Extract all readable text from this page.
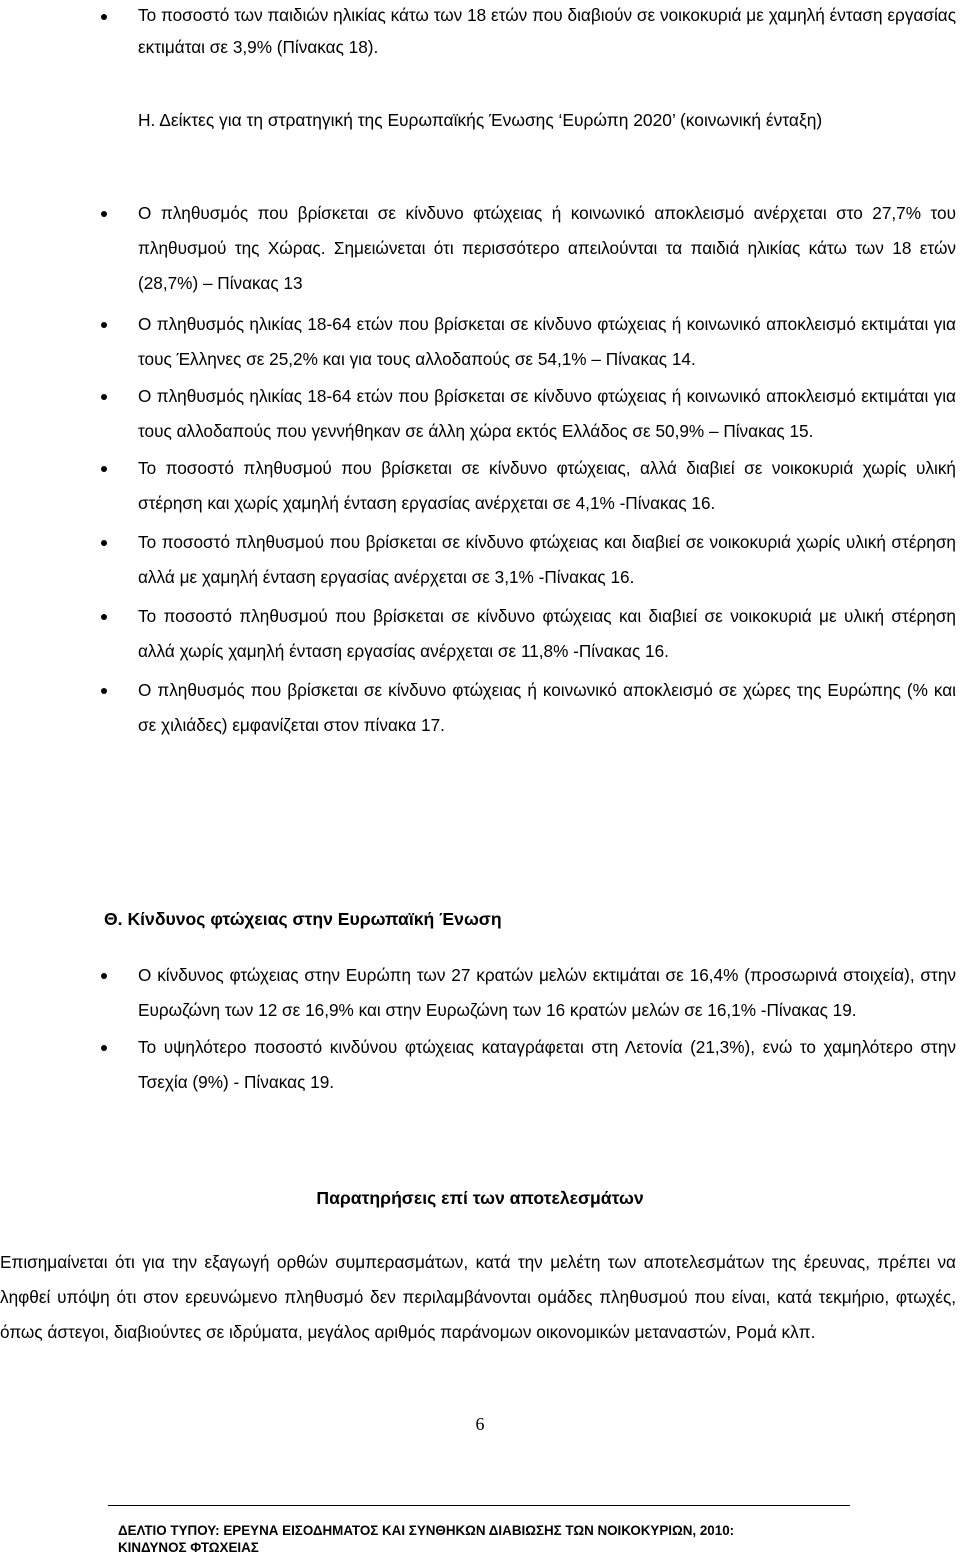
Το ποσοστό των παιδιών ηλικίας κάτω των 18 ετών που διαβιούν σε νοικοκυριά με χαμηλή ένταση εργασίας εκτιμάται σε 3,9% (Πίνακας 18).
Η. Δείκτες για τη στρατηγική της Ευρωπαϊκής Ένωσης ‘Ευρώπη 2020’ (κοινωνική ένταξη)
Ο πληθυσμός που βρίσκεται σε κίνδυνο φτώχειας ή κοινωνικό αποκλεισμό ανέρχεται στο 27,7% του πληθυσμού της Χώρας. Σημειώνεται ότι περισσότερο απειλούνται τα παιδιά ηλικίας κάτω των 18 ετών (28,7%) – Πίνακας 13
Ο πληθυσμός ηλικίας 18-64 ετών που βρίσκεται σε κίνδυνο φτώχειας ή κοινωνικό αποκλεισμό εκτιμάται για τους Έλληνες σε 25,2% και για τους αλλοδαπούς σε 54,1% – Πίνακας 14.
Ο πληθυσμός ηλικίας 18-64 ετών που βρίσκεται σε κίνδυνο φτώχειας ή κοινωνικό αποκλεισμό εκτιμάται για τους αλλοδαπούς που γεννήθηκαν σε άλλη χώρα εκτός Ελλάδος σε 50,9% – Πίνακας 15.
Το ποσοστό πληθυσμού που βρίσκεται σε κίνδυνο φτώχειας, αλλά διαβιεί σε νοικοκυριά χωρίς υλική στέρηση και χωρίς χαμηλή ένταση εργασίας ανέρχεται σε 4,1% -Πίνακας 16.
Το ποσοστό πληθυσμού που βρίσκεται σε κίνδυνο φτώχειας και διαβιεί σε νοικοκυριά χωρίς υλική στέρηση αλλά με χαμηλή ένταση εργασίας ανέρχεται σε 3,1% -Πίνακας 16.
Το ποσοστό πληθυσμού που βρίσκεται σε κίνδυνο φτώχειας και διαβιεί σε νοικοκυριά με υλική στέρηση αλλά χωρίς χαμηλή ένταση εργασίας ανέρχεται σε 11,8% -Πίνακας 16.
Ο πληθυσμός που βρίσκεται σε κίνδυνο φτώχειας ή κοινωνικό αποκλεισμό σε χώρες της Ευρώπης (% και σε χιλιάδες) εμφανίζεται στον πίνακα 17.
Θ. Κίνδυνος φτώχειας στην Ευρωπαϊκή Ένωση
Ο κίνδυνος φτώχειας στην Ευρώπη των 27 κρατών μελών εκτιμάται σε 16,4% (προσωρινά στοιχεία), στην Ευρωζώνη των 12 σε 16,9% και στην Ευρωζώνη των 16 κρατών μελών σε 16,1% -Πίνακας 19.
Το υψηλότερο ποσοστό κινδύνου φτώχειας καταγράφεται στη Λετονία (21,3%), ενώ το χαμηλότερο στην Τσεχία (9%) - Πίνακας 19.
Παρατηρήσεις επί των αποτελεσμάτων

Επισημαίνεται ότι για την εξαγωγή ορθών συμπερασμάτων, κατά την μελέτη των αποτελεσμάτων της έρευνας, πρέπει να ληφθεί υπόψη ότι στον ερευνώμενο πληθυσμό δεν περιλαμβάνονται ομάδες πληθυσμού που είναι, κατά τεκμήριο, φτωχές, όπως άστεγοι, διαβιούντες σε ιδρύματα, μεγάλος αριθμός παράνομων οικονομικών μεταναστών, Ρομά κλπ.

6
ΔΕΛΤΙΟ ΤΥΠΟΥ: ΕΡΕΥΝΑ ΕΙΣΟΔΗΜΑΤΟΣ ΚΑΙ ΣΥΝΘΗΚΩΝ ΔΙΑΒΙΩΣΗΣ ΤΩΝ ΝΟΙΚΟΚΥΡΙΩΝ, 2010:
ΚΙΝΔΥΝΟΣ ΦΤΩΧΕΙΑΣ
